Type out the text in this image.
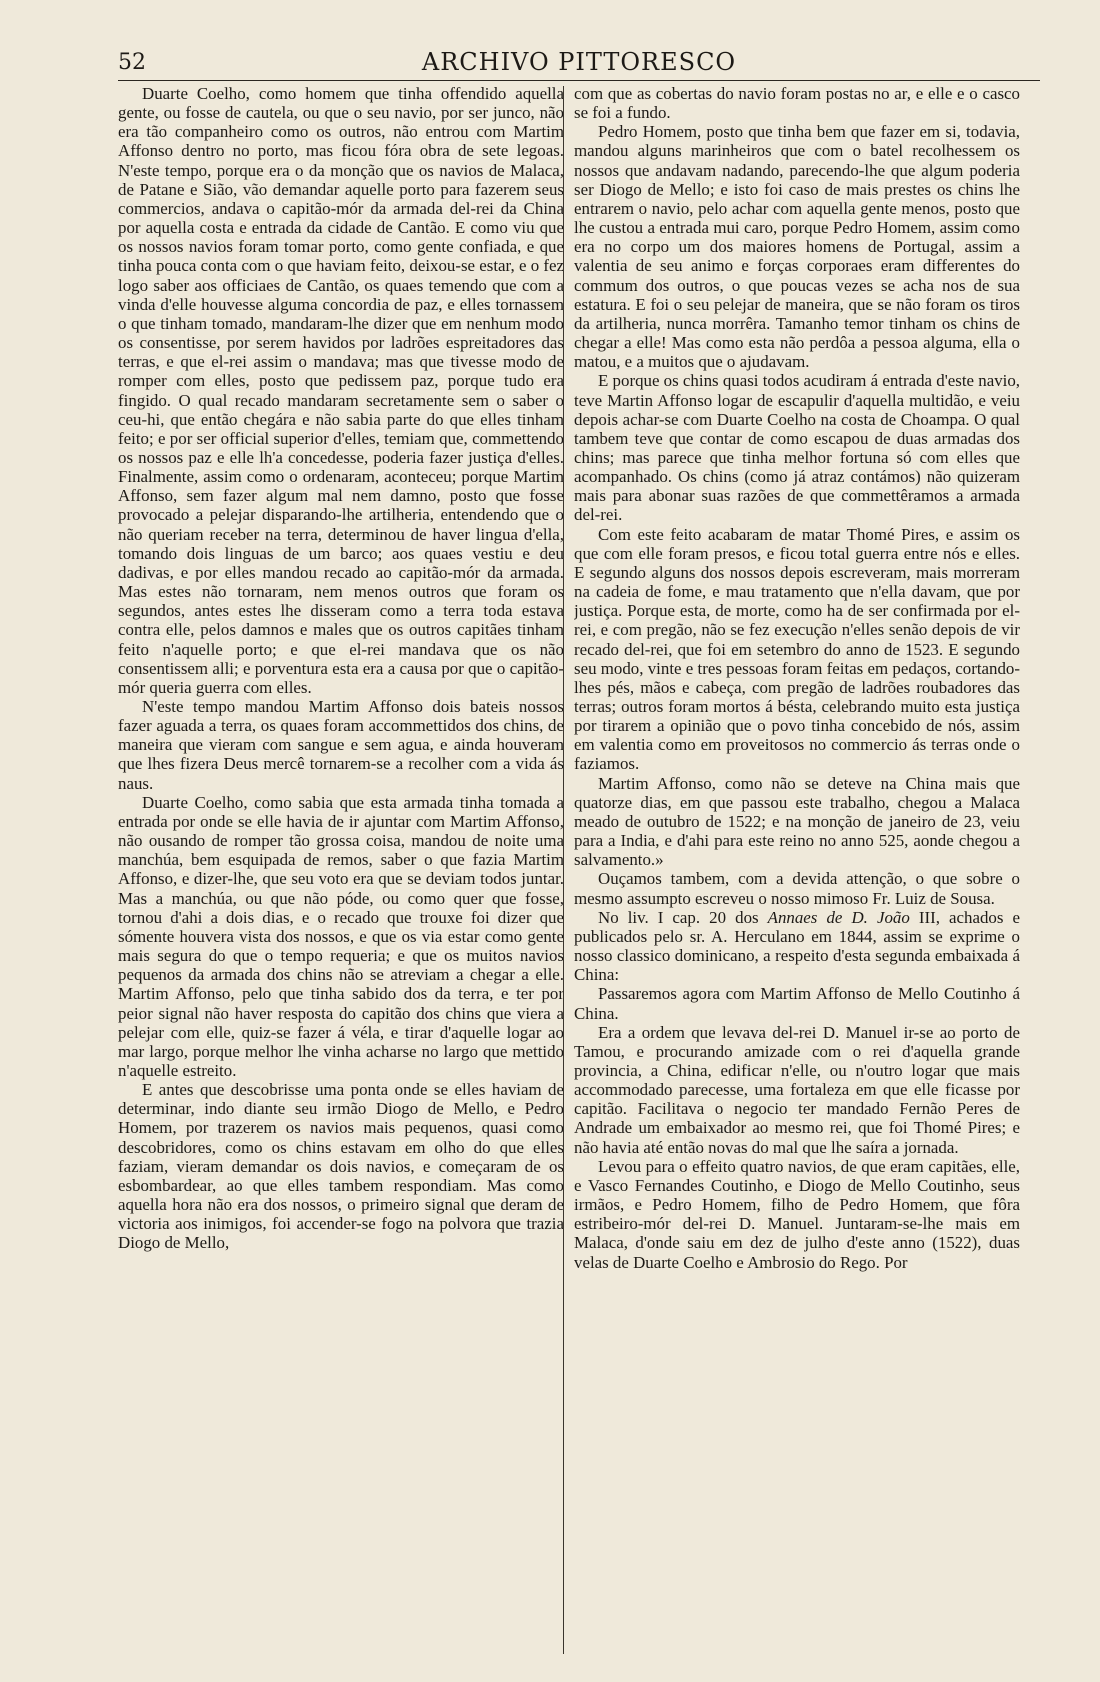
52	ARCHIVO PITTORESCO

Duarte Coelho, como homem que tinha offendido aquella gente, ou fosse de cautela, ou que o seu navio, por ser junco, não era tão companheiro como os outros, não entrou com Martim Affonso dentro no porto, mas ficou fóra obra de sete legoas. N'este tempo, porque era o da monção que os navios de Malaca, de Patane e Sião, vão demandar aquelle porto para fazerem seus commercios, andava o capitão-mór da armada del-rei da China por aquella costa e entrada da cidade de Cantão. E como viu que os nossos navios foram tomar porto, como gente confiada, e que tinha pouca conta com o que haviam feito, deixou-se estar, e o fez logo saber aos officiaes de Cantão, os quaes temendo que com a vinda d'elle houvesse alguma concordia de paz, e elles tornassem o que tinham tomado, mandaram-lhe dizer que em nenhum modo os consentisse, por serem havidos por ladrões espreitadores das terras, e que el-rei assim o mandava; mas que tivesse modo de romper com elles, posto que pedissem paz, porque tudo era fingido. O qual recado mandaram secretamente sem o saber o ceu-hi, que então chegára e não sabia parte do que elles tinham feito; e por ser official superior d'elles, temiam que, commettendo os nossos paz e elle lh'a concedesse, poderia fazer justiça d'elles. Finalmente, assim como o ordenaram, aconteceu; porque Martim Affonso, sem fazer algum mal nem damno, posto que fosse provocado a pelejar disparando-lhe artilheria, entendendo que o não queriam receber na terra, determinou de haver lingua d'ella, tomando dois linguas de um barco; aos quaes vestiu e deu dadivas, e por elles mandou recado ao capitão-mór da armada. Mas estes não tornaram, nem menos outros que foram os segundos, antes estes lhe disseram como a terra toda estava contra elle, pelos damnos e males que os outros capitães tinham feito n'aquelle porto; e que el-rei mandava que os não consentissem alli; e porventura esta era a causa por que o capitão-mór queria guerra com elles.

N'este tempo mandou Martim Affonso dois bateis nossos fazer aguada a terra, os quaes foram accommettidos dos chins, de maneira que vieram com sangue e sem agua, e ainda houveram que lhes fizera Deus mercê tornarem-se a recolher com a vida ás naus.

Duarte Coelho, como sabia que esta armada tinha tomada a entrada por onde se elle havia de ir ajuntar com Martim Affonso, não ousando de romper tão grossa coisa, mandou de noite uma manchúa, bem esquipada de remos, saber o que fazia Martim Affonso, e dizer-lhe, que seu voto era que se deviam todos juntar. Mas a manchúa, ou que não póde, ou como quer que fosse, tornou d'ahi a dois dias, e o recado que trouxe foi dizer que sómente houvera vista dos nossos, e que os via estar como gente mais segura do que o tempo requeria; e que os muitos navios pequenos da armada dos chins não se atreviam a chegar a elle. Martim Affonso, pelo que tinha sabido dos da terra, e ter por peior signal não haver resposta do capitão dos chins que viera a pelejar com elle, quiz-se fazer á véla, e tirar d'aquelle logar ao mar largo, porque melhor lhe vinha acharse no largo que mettido n'aquelle estreito.

E antes que descobrisse uma ponta onde se elles haviam de determinar, indo diante seu irmão Diogo de Mello, e Pedro Homem, por trazerem os navios mais pequenos, quasi como descobridores, como os chins estavam em olho do que elles faziam, vieram demandar os dois navios, e começaram de os esbombardear, ao que elles tambem respondiam. Mas como aquella hora não era dos nossos, o primeiro signal que deram de victoria aos inimigos, foi accender-se fogo na polvora que trazia Diogo de Mello,

com que as cobertas do navio foram postas no ar, e elle e o casco se foi a fundo.

Pedro Homem, posto que tinha bem que fazer em si, todavia, mandou alguns marinheiros que com o batel recolhessem os nossos que andavam nadando, parecendo-lhe que algum poderia ser Diogo de Mello; e isto foi caso de mais prestes os chins lhe entrarem o navio, pelo achar com aquella gente menos, posto que lhe custou a entrada mui caro, porque Pedro Homem, assim como era no corpo um dos maiores homens de Portugal, assim a valentia de seu animo e forças corporaes eram differentes do commum dos outros, o que poucas vezes se acha nos de sua estatura. E foi o seu pelejar de maneira, que se não foram os tiros da artilheria, nunca morrêra. Tamanho temor tinham os chins de chegar a elle! Mas como esta não perdôa a pessoa alguma, ella o matou, e a muitos que o ajudavam.

E porque os chins quasi todos acudiram á entrada d'este navio, teve Martin Affonso logar de escapulir d'aquella multidão, e veiu depois achar-se com Duarte Coelho na costa de Choampa. O qual tambem teve que contar de como escapou de duas armadas dos chins; mas parece que tinha melhor fortuna só com elles que acompanhado. Os chins (como já atraz contámos) não quizeram mais para abonar suas razões de que commettêramos a armada del-rei.

Com este feito acabaram de matar Thomé Pires, e assim os que com elle foram presos, e ficou total guerra entre nós e elles. E segundo alguns dos nossos depois escreveram, mais morreram na cadeia de fome, e mau tratamento que n'ella davam, que por justiça. Porque esta, de morte, como ha de ser confirmada por el-rei, e com pregão, não se fez execução n'elles senão depois de vir recado del-rei, que foi em setembro do anno de 1523. E segundo seu modo, vinte e tres pessoas foram feitas em pedaços, cortando-lhes pés, mãos e cabeça, com pregão de ladrões roubadores das terras; outros foram mortos á bésta, celebrando muito esta justiça por tirarem a opinião que o povo tinha concebido de nós, assim em valentia como em proveitosos no commercio ás terras onde o faziamos.

Martim Affonso, como não se deteve na China mais que quatorze dias, em que passou este trabalho, chegou a Malaca meado de outubro de 1522; e na monção de janeiro de 23, veiu para a India, e d'ahi para este reino no anno 525, aonde chegou a salvamento.»

Ouçamos tambem, com a devida attenção, o que sobre o mesmo assumpto escreveu o nosso mimoso Fr. Luiz de Sousa.

No liv. I cap. 20 dos Annaes de D. João III, achados e publicados pelo sr. A. Herculano em 1844, assim se exprime o nosso classico dominicano, a respeito d'esta segunda embaixada á China:

Passaremos agora com Martim Affonso de Mello Coutinho á China.

Era a ordem que levava del-rei D. Manuel ir-se ao porto de Tamou, e procurando amizade com o rei d'aquella grande provincia, a China, edificar n'elle, ou n'outro logar que mais accommodado parecesse, uma fortaleza em que elle ficasse por capitão. Facilitava o negocio ter mandado Fernão Peres de Andrade um embaixador ao mesmo rei, que foi Thomé Pires; e não havia até então novas do mal que lhe saíra a jornada.

Levou para o effeito quatro navios, de que eram capitães, elle, e Vasco Fernandes Coutinho, e Diogo de Mello Coutinho, seus irmãos, e Pedro Homem, filho de Pedro Homem, que fôra estribeiro-mór del-rei D. Manuel. Juntaram-se-lhe mais em Malaca, d'onde saiu em dez de julho d'este anno (1522), duas velas de Duarte Coelho e Ambrosio do Rego. Por
